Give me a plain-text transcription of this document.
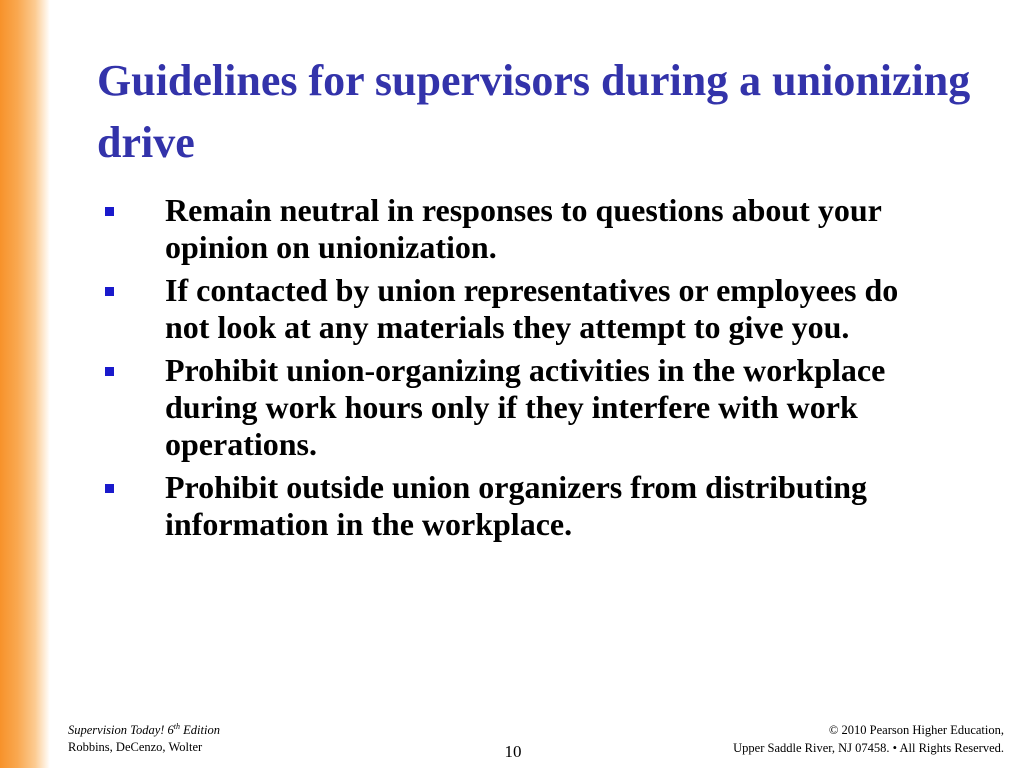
Guidelines for supervisors during a unionizing drive
Remain neutral in responses to questions about your opinion on unionization.
If contacted by union representatives or employees do not look at any materials they attempt to give you.
Prohibit union-organizing activities in the workplace during work hours only if they interfere with work operations.
Prohibit outside union organizers from distributing information in the workplace.
Supervision Today! 6th Edition
Robbins, DeCenzo, Wolter	10
© 2010 Pearson Higher Education,
Upper Saddle River, NJ 07458. • All Rights Reserved.
